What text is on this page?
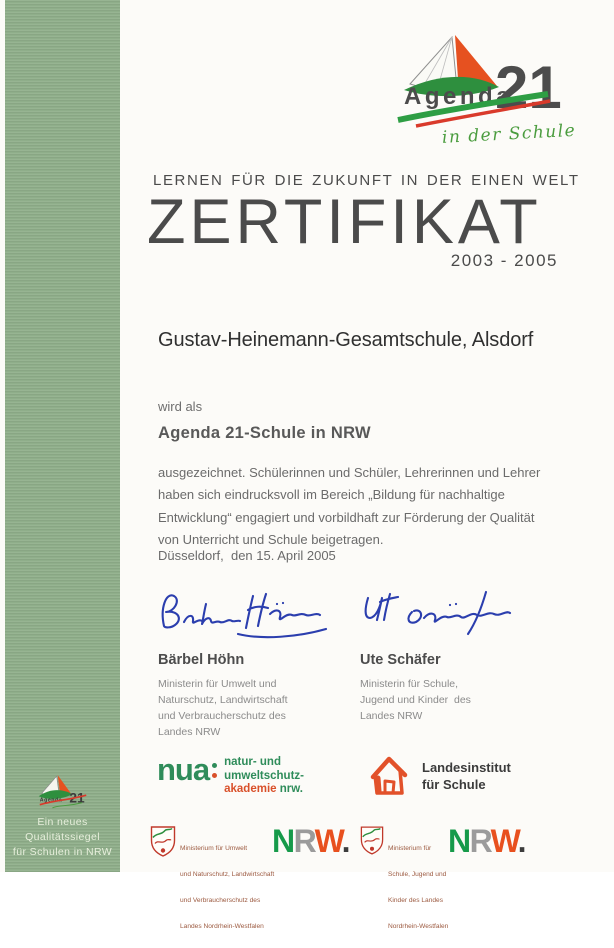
Agenda 21
Ein neues Qualitätssiegel
für Schulen in NRW
Agenda
21
in der Schule
LERNEN FÜR DIE ZUKUNFT IN DER EINEN WELT
ZERTIFIKAT
2003 - 2005
Gustav-Heinemann-Gesamtschule, Alsdorf
wird als
Agenda 21-Schule in NRW
ausgezeichnet. Schülerinnen und Schüler, Lehrerinnen und Lehrer
haben sich eindrucksvoll im Bereich „Bildung für nachhaltige
Entwicklung“ engagiert und vorbildhaft zur Förderung der Qualität
von Unterricht und Schule beigetragen.
Düsseldorf,  den 15. April 2005
Bärbel Höhn
Ministerin für Umwelt und
Naturschutz, Landwirtschaft
und Verbraucherschutz des
Landes NRW
Ute Schäfer
Ministerin für Schule,
Jugend und Kinder  des
Landes NRW
nua natur- und
umweltschutz-
akademie nrw.
Landesinstitut
für Schule

Ministerium für Umwelt

und Naturschutz, Landwirtschaft

und Verbraucherschutz des

Landes Nordrhein-Westfalen

NRW.

	Ministerium für

Schule, Jugend und

Kinder des Landes

Nordrhein-Westfalen

NRW.
